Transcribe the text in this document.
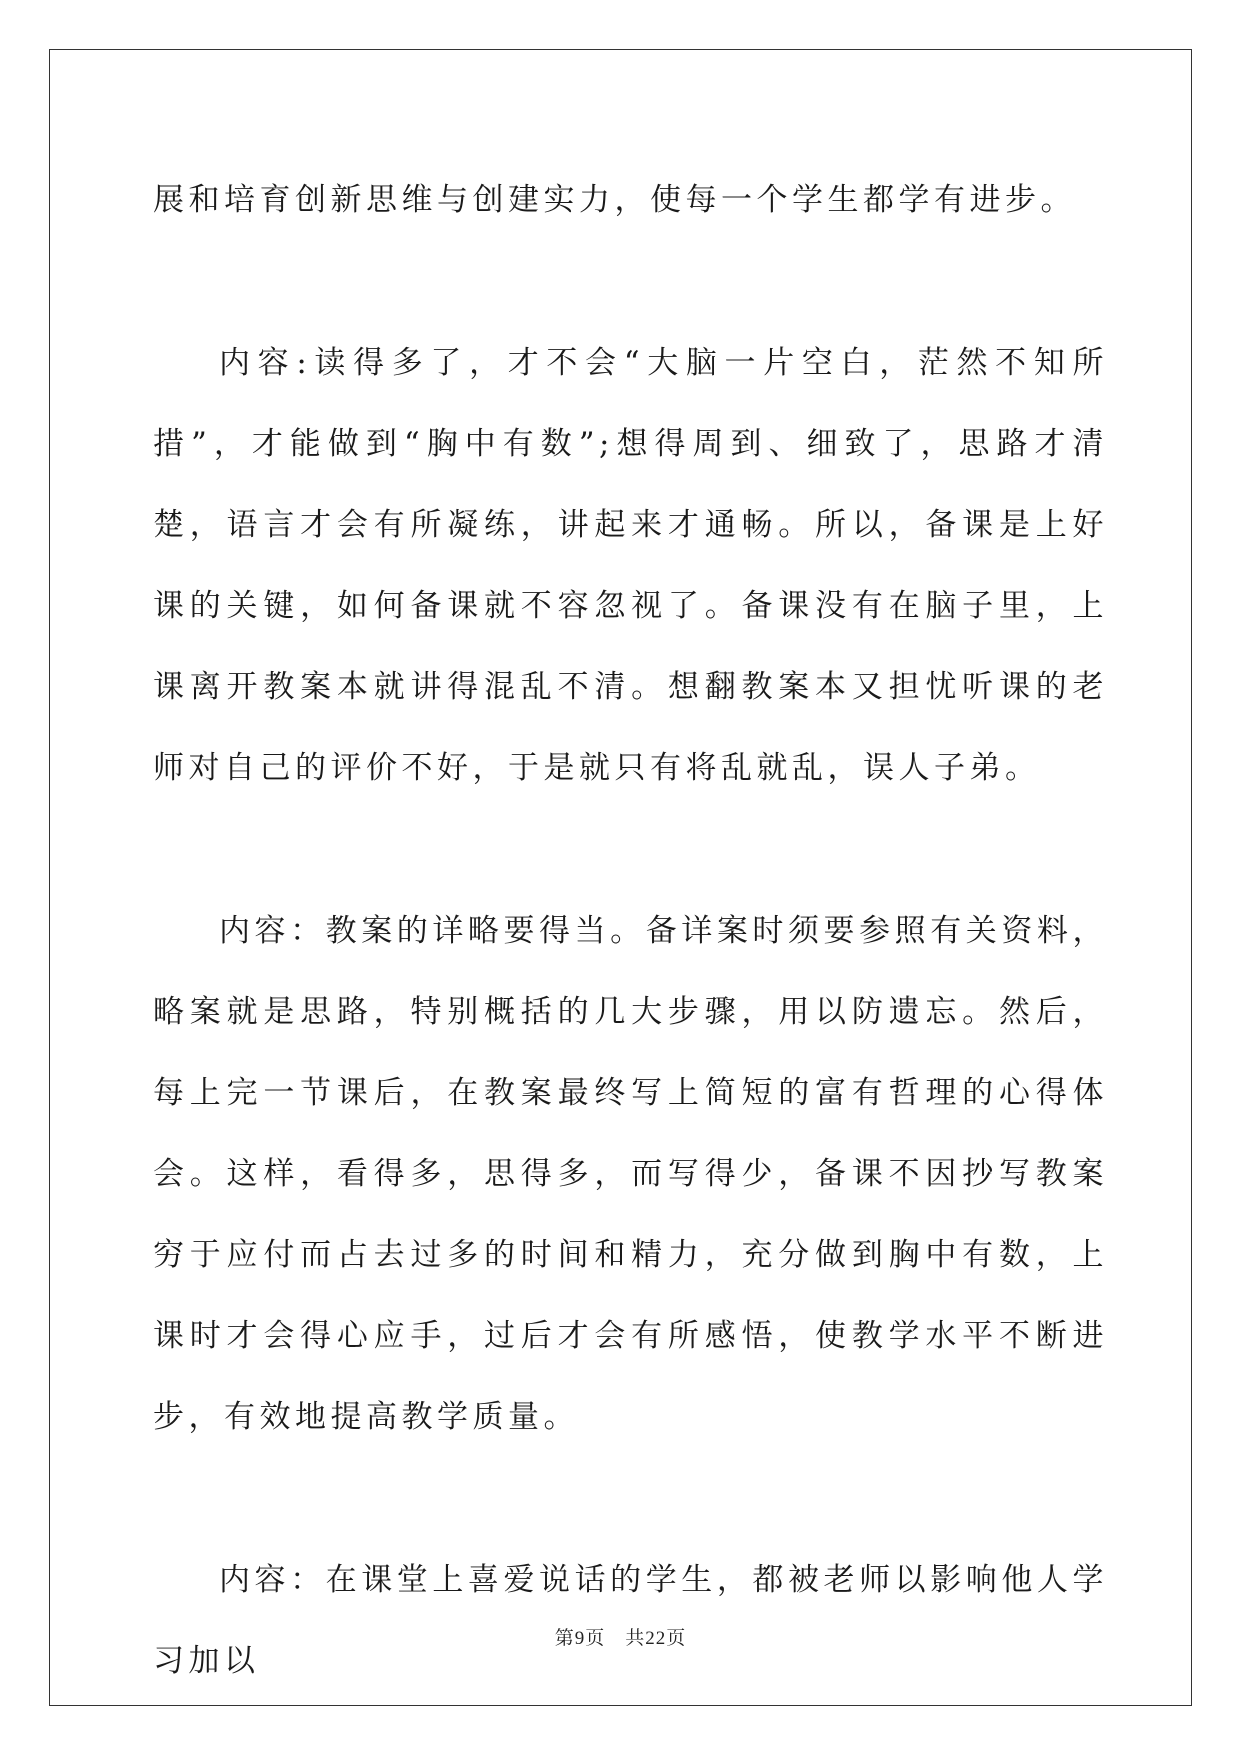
展和培育创新思维与创建实力，使每一个学生都学有进步。

内容:读得多了，才不会“大脑一片空白，茫然不知所措”，才能做到“胸中有数”;想得周到、细致了，思路才清楚，语言才会有所凝练，讲起来才通畅。所以，备课是上好课的关键，如何备课就不容忽视了。备课没有在脑子里，上课离开教案本就讲得混乱不清。想翻教案本又担忧听课的老师对自己的评价不好，于是就只有将乱就乱，误人子弟。

内容：教案的详略要得当。备详案时须要参照有关资料，略案就是思路，特别概括的几大步骤，用以防遗忘。然后，每上完一节课后，在教案最终写上简短的富有哲理的心得体会。这样，看得多，思得多，而写得少，备课不因抄写教案穷于应付而占去过多的时间和精力，充分做到胸中有数，上课时才会得心应手，过后才会有所感悟，使教学水平不断进步，有效地提高教学质量。

内容：在课堂上喜爱说话的学生，都被老师以影响他人学习加以

第9页 共22页
